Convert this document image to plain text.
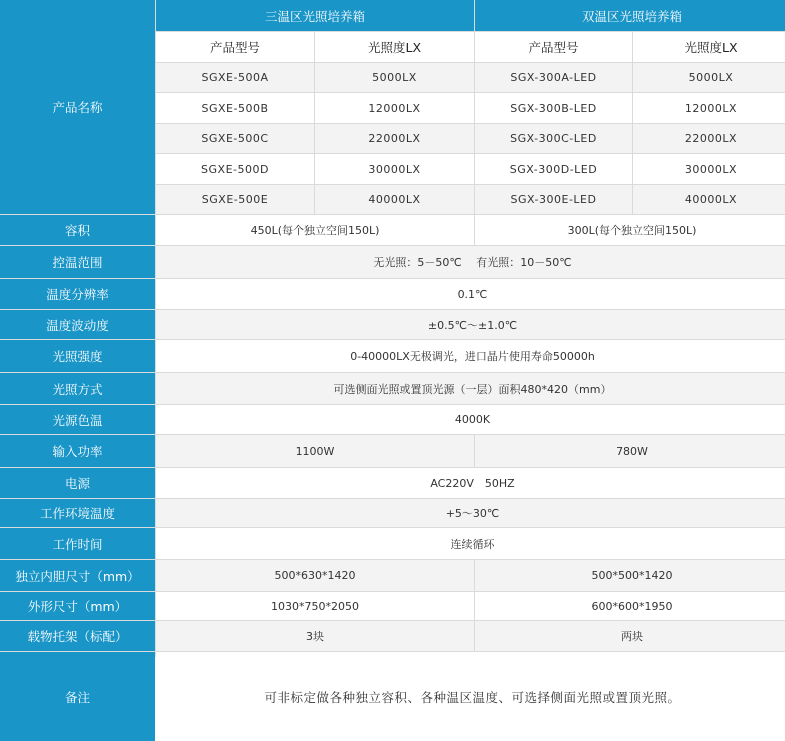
产品名称
三温区光照培养箱	双温区光照培养箱
产品型号	光照度LX	产品型号	光照度LX
SGXE-500A	5000LX	SGX-300A-LED	5000LX
SGXE-500B	12000LX	SGX-300B-LED	12000LX
SGXE-500C	22000LX	SGX-300C-LED	22000LX
SGXE-500D	30000LX	SGX-300D-LED	30000LX
SGXE-500E	40000LX	SGX-300E-LED	40000LX
容积	450L(每个独立空间150L)	300L(每个独立空间150L)
控温范围	无光照：5－50℃　 有光照：10－50℃
温度分辨率	0.1℃
温度波动度	±0.5℃～±1.0℃
光照强度	0-40000LX无极调光，进口晶片使用寿命50000h
光照方式	可选侧面光照或置顶光源（一层）面积480*420（mm）
光源色温	4000K
输入功率	1100W	780W
电源	AC220V　50HZ
工作环境温度	+5～30℃
工作时间	连续循环
独立内胆尺寸（mm）	500*630*1420	500*500*1420
外形尺寸（mm）	1030*750*2050	600*600*1950
载物托架（标配）	3块	两块
备注	可非标定做各种独立容积、各种温区温度、可选择侧面光照或置顶光照。
